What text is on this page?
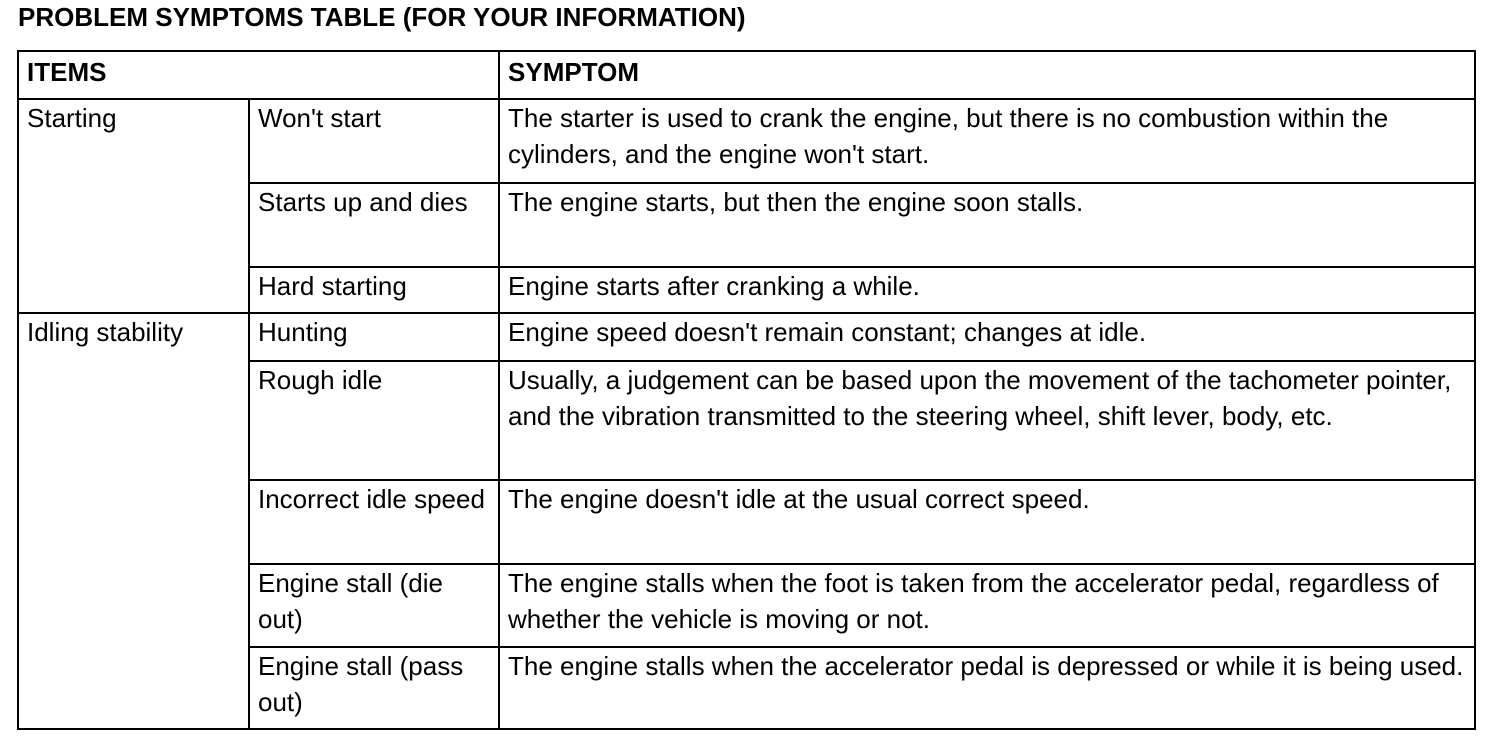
PROBLEM SYMPTOMS TABLE (FOR YOUR INFORMATION)
ITEMS		SYMPTOM
Starting	Won't start	The starter is used to crank the engine, but there is no combustion within the cylinders, and the engine won't start.
	Starts up and dies	The engine starts, but then the engine soon stalls.
	Hard starting	Engine starts after cranking a while.
Idling stability	Hunting	Engine speed doesn't remain constant; changes at idle.
	Rough idle	Usually, a judgement can be based upon the movement of the tachometer pointer, and the vibration transmitted to the steering wheel, shift lever, body, etc.
	Incorrect idle speed	The engine doesn't idle at the usual correct speed.
	Engine stall (die out)	The engine stalls when the foot is taken from the accelerator pedal, regardless of whether the vehicle is moving or not.
	Engine stall (pass out)	The engine stalls when the accelerator pedal is depressed or while it is being used.
